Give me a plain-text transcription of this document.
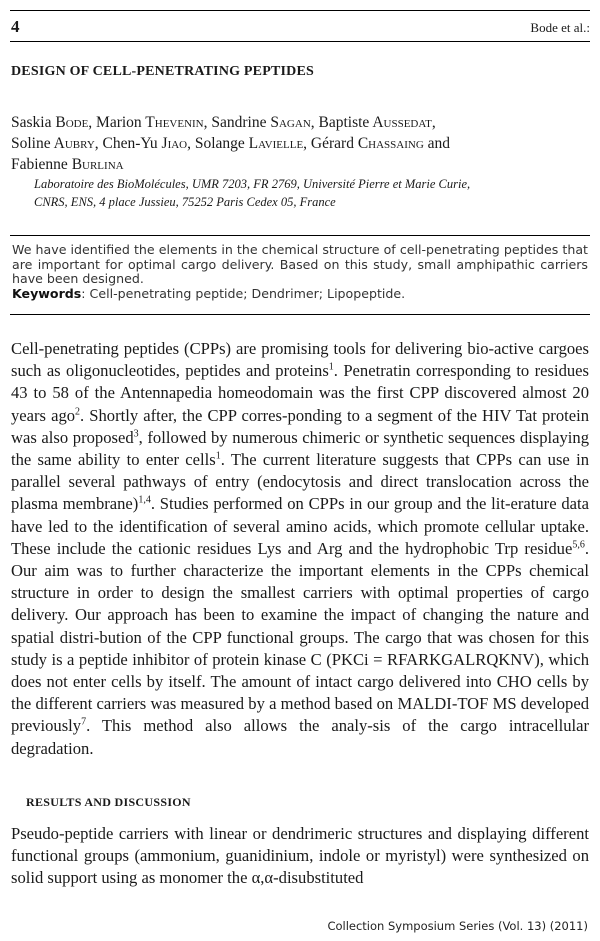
4	Bode et al.:
DESIGN OF CELL-PENETRATING PEPTIDES
Saskia Bode, Marion Thevenin, Sandrine Sagan, Baptiste Aussedat,
Soline Aubry, Chen-Yu Jiao, Solange Lavielle, Gérard Chassaing and
Fabienne Burlina
Laboratoire des BioMolécules, UMR 7203, FR 2769, Université Pierre et Marie Curie,
CNRS, ENS, 4 place Jussieu, 75252 Paris Cedex 05, France

We have identified the elements in the chemical structure of cell-penetrating peptides that are important for optimal cargo delivery. Based on this study, small amphipathic carriers have been designed.

Keywords: Cell-penetrating peptide; Dendrimer; Lipopeptide.

Cell-penetrating peptides (CPPs) are promising tools for delivering bio-active cargoes such as oligonucleotides, peptides and proteins$^1$. Penetratin corresponding to residues 43 to 58 of the Antennapedia homeodomain was the first CPP discovered almost 20 years ago$^2$. Shortly after, the CPP corres-ponding to a segment of the HIV Tat protein was also proposed$^3$, followed by numerous chimeric or synthetic sequences displaying the same ability to enter cells$^1$. The current literature suggests that CPPs can use in parallel several pathways of entry (endocytosis and direct translocation across the plasma membrane)$^{1,4}$. Studies performed on CPPs in our group and the lit-erature data have led to the identification of several amino acids, which promote cellular uptake. These include the cationic residues Lys and Arg and the hydrophobic Trp residue$^{5,6}$. Our aim was to further characterize the important elements in the CPPs chemical structure in order to design the smallest carriers with optimal properties of cargo delivery. Our approach has been to examine the impact of changing the nature and spatial distri-bution of the CPP functional groups. The cargo that was chosen for this study is a peptide inhibitor of protein kinase C (PKCi = RFARKGALRQKNV), which does not enter cells by itself. The amount of intact cargo delivered into CHO cells by the different carriers was measured by a method based on MALDI-TOF MS developed previously$^7$. This method also allows the analy-sis of the cargo intracellular degradation.

RESULTS AND DISCUSSION

Pseudo-peptide carriers with linear or dendrimeric structures and displaying different functional groups (ammonium, guanidinium, indole or myristyl) were synthesized on solid support using as monomer the α,α-disubstituted

Collection Symposium Series (Vol. 13) (2011)
